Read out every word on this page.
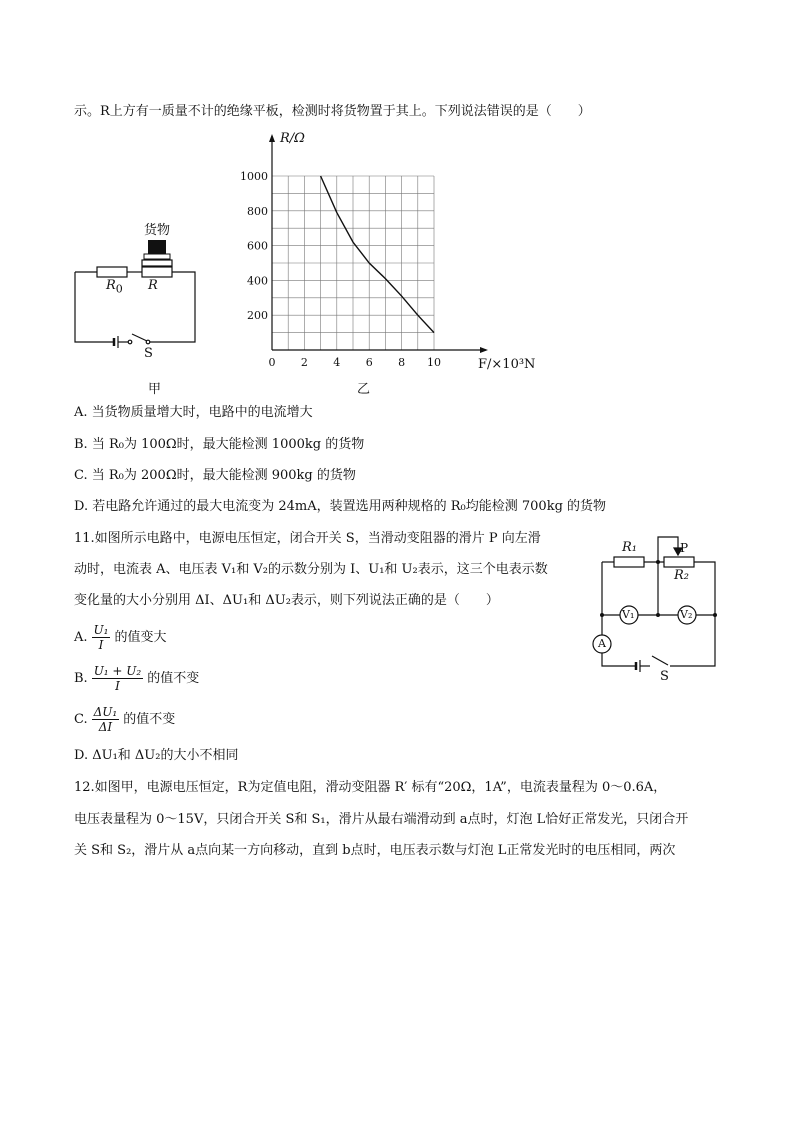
示。R上方有一质量不计的绝缘平板，检测时将货物置于其上。下列说法错误的是（　　）
货物
$R_0$ R
S
甲
0 2 4 6 8 10
200
400
600
800
1000
R/Ω
F/×10³N
乙
A. 当货物质量增大时，电路中的电流增大
B. 当 R₀为 100Ω时，最大能检测 1000kg 的货物
C. 当 R₀为 200Ω时，最大能检测 900kg 的货物
D. 若电路允许通过的最大电流变为 24mA，装置选用两种规格的 R₀均能检测 700kg 的货物
11.如图所示电路中，电源电压恒定，闭合开关 S，当滑动变阻器的滑片 P 向左滑
动时，电流表 A、电压表 V₁和 V₂的示数分别为 I、U₁和 U₂表示，这三个电表示数
变化量的大小分别用 ΔI、ΔU₁和 ΔU₂表示，则下列说法正确的是（　　）
A. $\frac{\text{U₁}}{I}$ 的值变大
B. $\frac{\text{U₁ + U₂}}{I}$ 的值不变
C. $\frac{\text{ΔU₁}}{\Delta I}$ 的值不变
D. ΔU₁和 ΔU₂的大小不相同
R₁	P
R₂
V₁	V₂
A
S
12.如图甲，电源电压恒定，R为定值电阻，滑动变阻器 R′ 标有“20Ω，1A”，电流表量程为 0～0.6A，
电压表量程为 0～15V，只闭合开关 S和 S₁，滑片从最右端滑动到 a点时，灯泡 L恰好正常发光，只闭合开
关 S和 S₂，滑片从 a点向某一方向移动，直到 b点时，电压表示数与灯泡 L正常发光时的电压相同，两次
